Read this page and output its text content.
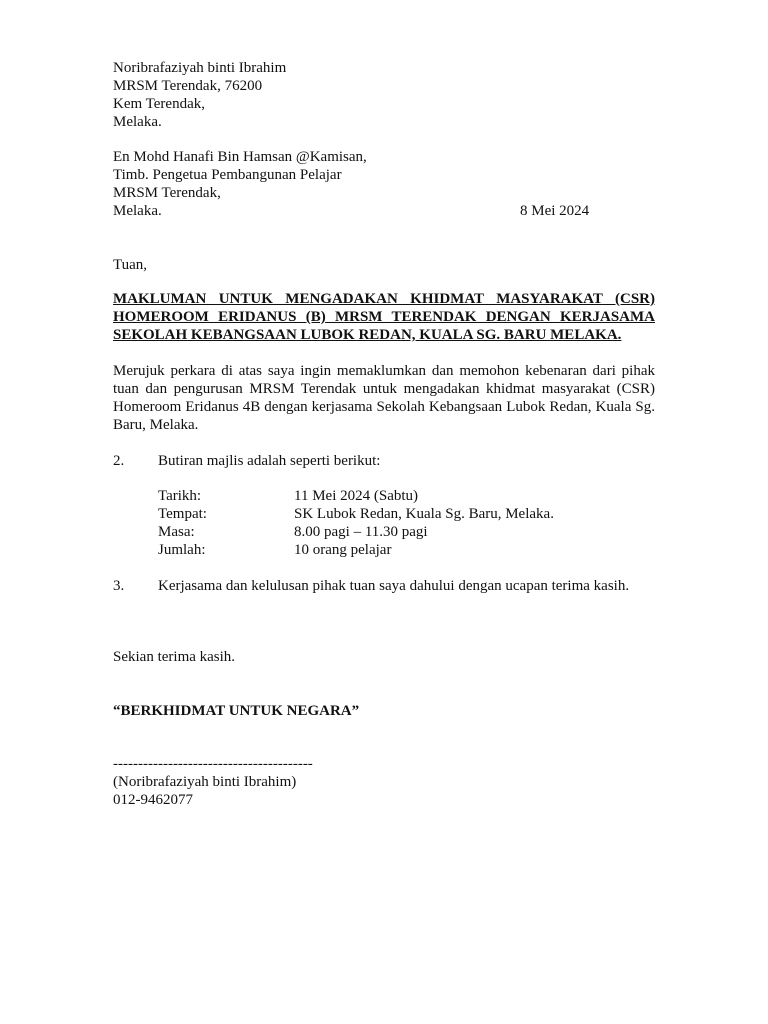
Noribrafaziyah binti Ibrahim
MRSM Terendak, 76200
Kem Terendak,
Melaka.
En Mohd Hanafi Bin Hamsan @Kamisan,
Timb. Pengetua Pembangunan Pelajar
MRSM Terendak,
Melaka.	8 Mei 2024
Tuan,
MAKLUMAN UNTUK MENGADAKAN KHIDMAT MASYARAKAT (CSR)
HOMEROOM ERIDANUS (B) MRSM TERENDAK DENGAN KERJASAMA
SEKOLAH KEBANGSAAN LUBOK REDAN, KUALA SG. BARU MELAKA.
Merujuk perkara di atas saya ingin memaklumkan dan memohon kebenaran dari pihak
tuan dan pengurusan MRSM Terendak untuk mengadakan khidmat masyarakat (CSR)
Homeroom Eridanus 4B dengan kerjasama Sekolah Kebangsaan Lubok Redan, Kuala Sg.
Baru, Melaka.
2. Butiran majlis adalah seperti berikut:
Tarikh:	11 Mei 2024 (Sabtu)
Tempat:	SK Lubok Redan, Kuala Sg. Baru, Melaka.
Masa:	8.00 pagi – 11.30 pagi
Jumlah:	10 orang pelajar
3. Kerjasama dan kelulusan pihak tuan saya dahului dengan ucapan terima kasih.
Sekian terima kasih.
“BERKHIDMAT UNTUK NEGARA”
----------------------------------------
(Noribrafaziyah binti Ibrahim)
012-9462077
